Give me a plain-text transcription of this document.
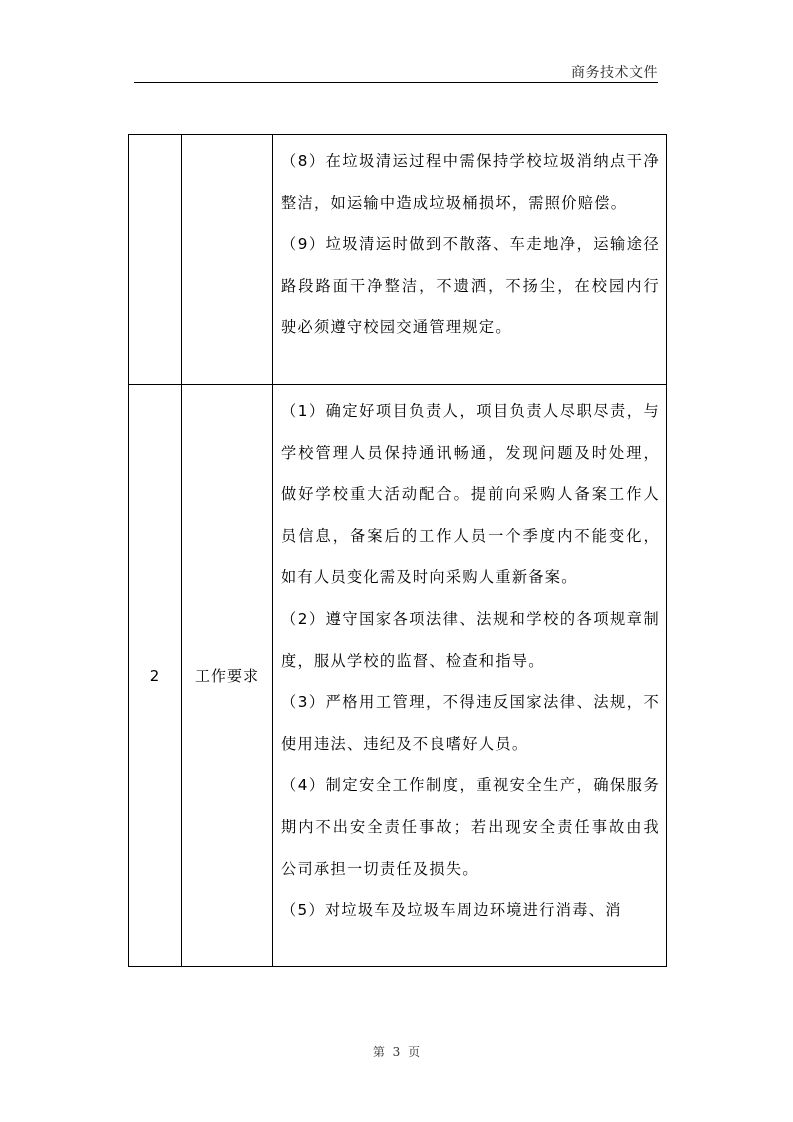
商务技术文件

		（8）在垃圾清运过程中需保持学校垃圾消纳点干净整洁，如运输中造成垃圾桶损坏，需照价赔偿。

（9）垃圾清运时做到不散落、车走地净，运输途径路段路面干净整洁，不遗洒，不扬尘，在校园内行驶必须遵守校园交通管理规定。

2	工作要求	（1）确定好项目负责人，项目负责人尽职尽责，与学校管理人员保持通讯畅通，发现问题及时处理，做好学校重大活动配合。提前向采购人备案工作人员信息，备案后的工作人员一个季度内不能变化，如有人员变化需及时向采购人重新备案。

（2）遵守国家各项法律、法规和学校的各项规章制度，服从学校的监督、检查和指导。

（3）严格用工管理，不得违反国家法律、法规，不使用违法、违纪及不良嗜好人员。

（4）制定安全工作制度，重视安全生产，确保服务期内不出安全责任事故；若出现安全责任事故由我公司承担一切责任及损失。

（5）对垃圾车及垃圾车周边环境进行消毒、消

第 3 页
